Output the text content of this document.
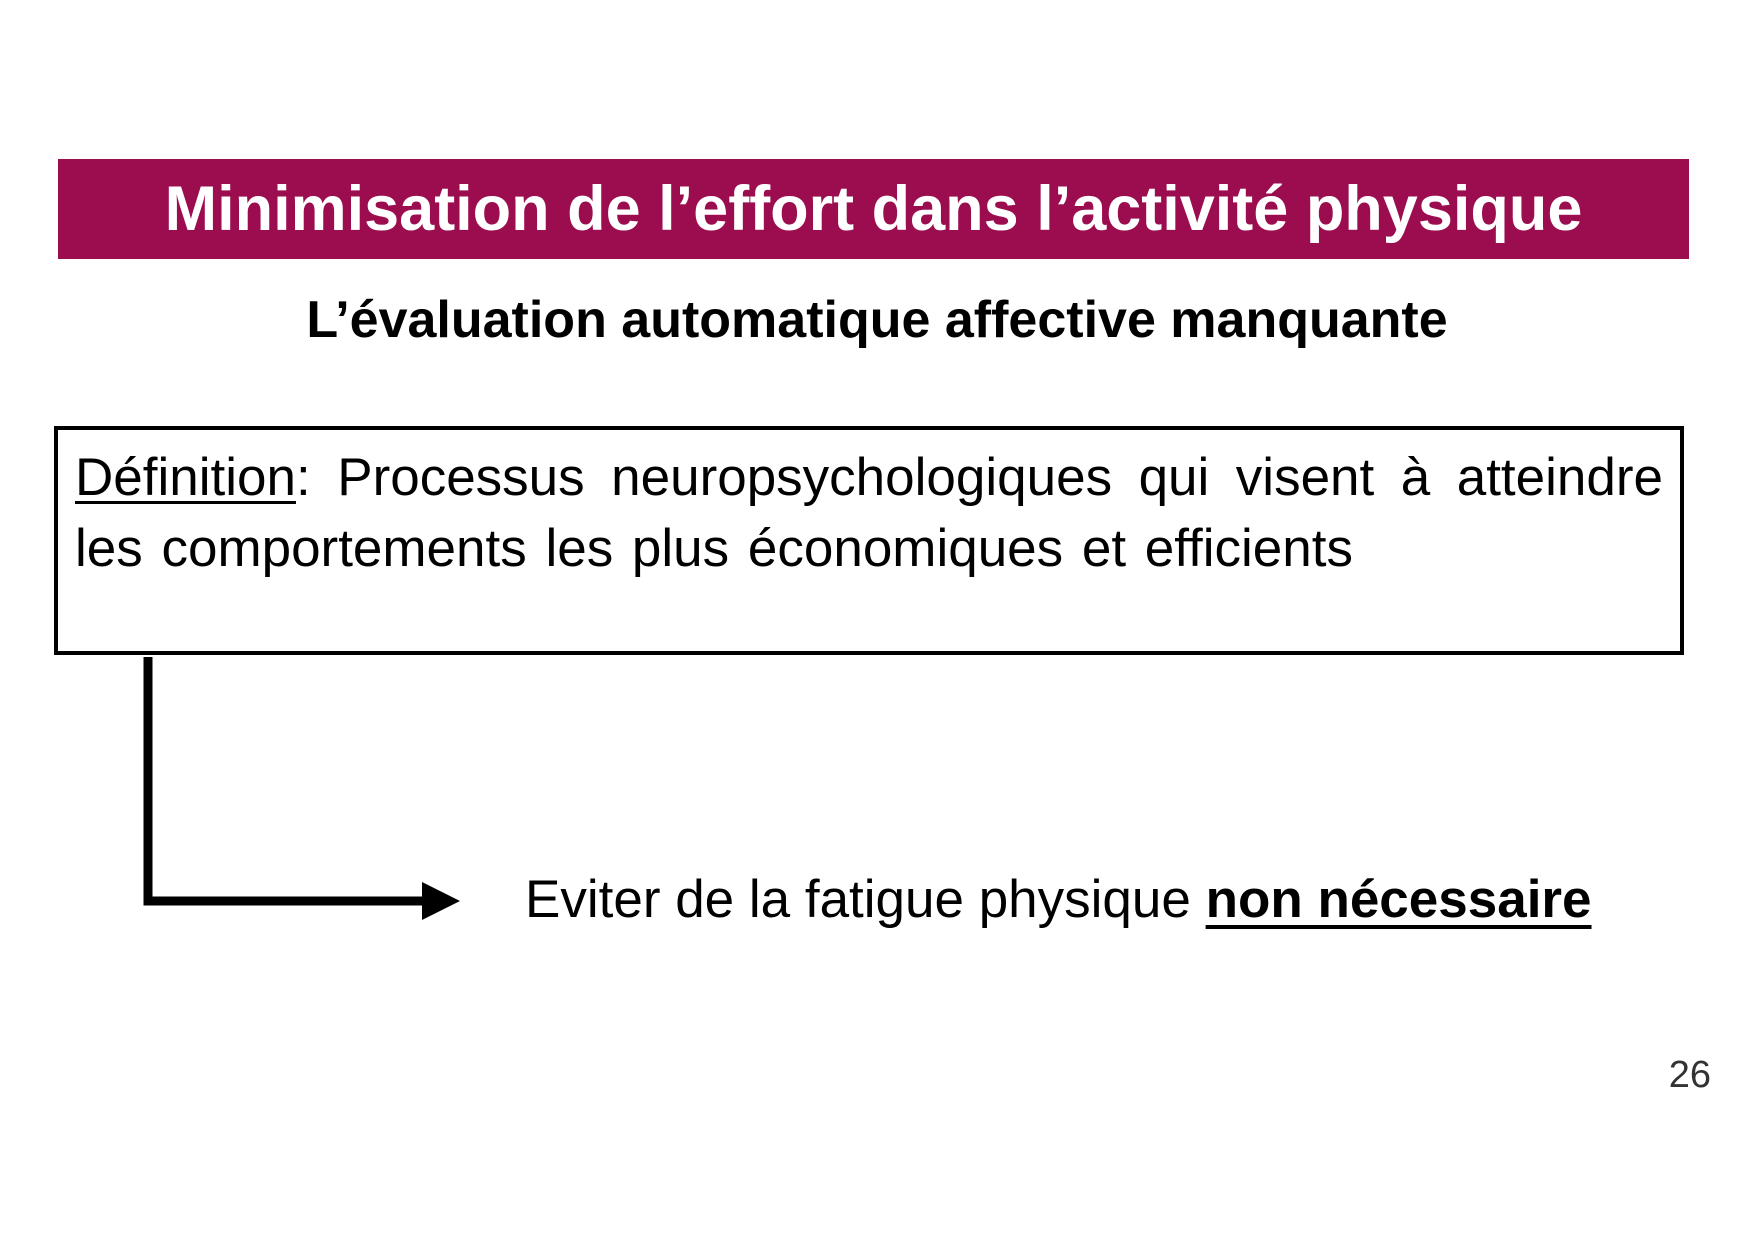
Minimisation de l’effort dans l’activité physique
L’évaluation automatique affective manquante

Définition: Processus neuropsychologiques qui visent à atteindre les comportements les plus économiques et efficients

Eviter de la fatigue physique non nécessaire
26
